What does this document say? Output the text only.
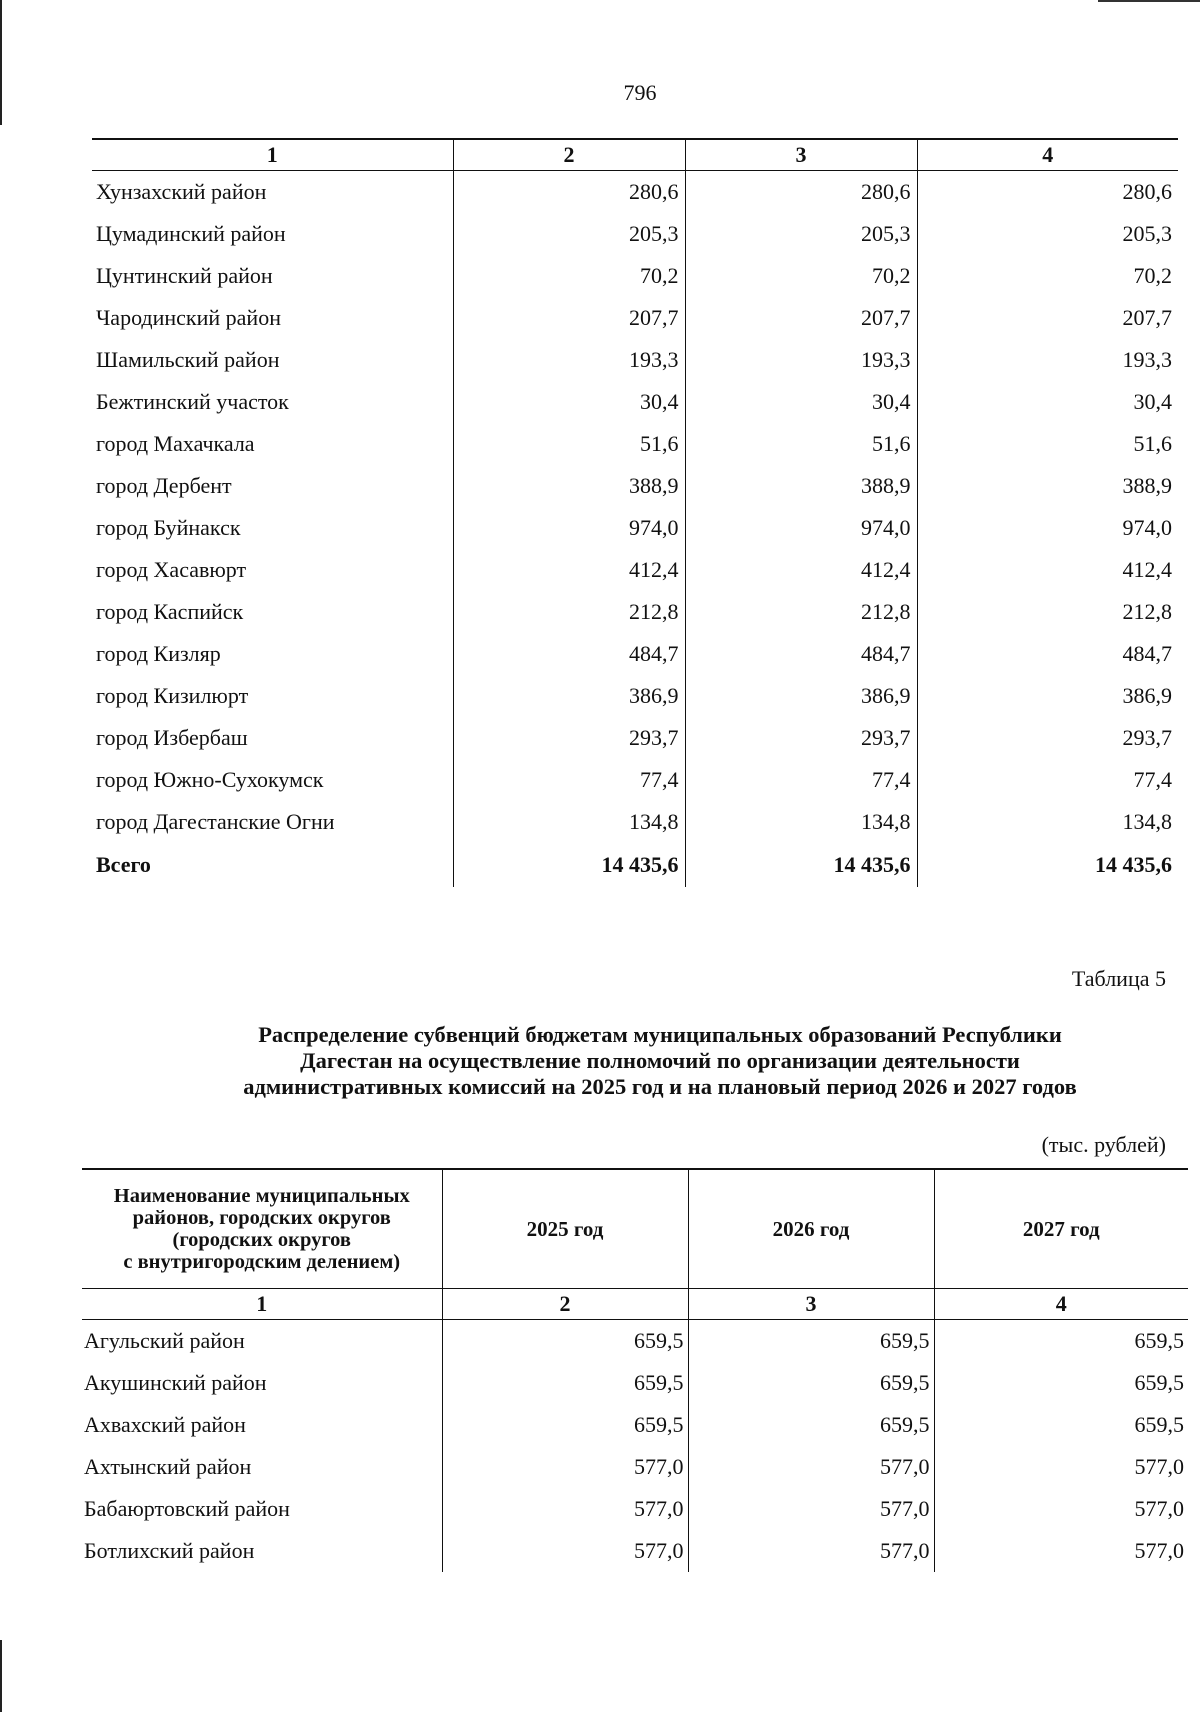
796
1	2	3	4
Хунзахский район	280,6	280,6	280,6
Цумадинский район	205,3	205,3	205,3
Цунтинский район	70,2	70,2	70,2
Чародинский район	207,7	207,7	207,7
Шамильский район	193,3	193,3	193,3
Бежтинский участок	30,4	30,4	30,4
город Махачкала	51,6	51,6	51,6
город Дербент	388,9	388,9	388,9
город Буйнакск	974,0	974,0	974,0
город Хасавюрт	412,4	412,4	412,4
город Каспийск	212,8	212,8	212,8
город Кизляр	484,7	484,7	484,7
город Кизилюрт	386,9	386,9	386,9
город Избербаш	293,7	293,7	293,7
город Южно-Сухокумск	77,4	77,4	77,4
город Дагестанские Огни	134,8	134,8	134,8
Всего	14 435,6	14 435,6	14 435,6
Таблица 5
Распределение субвенций бюджетам муниципальных образований Республики
Дагестан на осуществление полномочий по организации деятельности
административных комиссий на 2025 год и на плановый период 2026 и 2027 годов
(тыс. рублей)
Наименование муниципальных
районов, городских округов
(городских округов
с внутригородским делением)	2025 год	2026 год	2027 год
1	2	3	4
Агульский район	659,5	659,5	659,5
Акушинский район	659,5	659,5	659,5
Ахвахский район	659,5	659,5	659,5
Ахтынский район	577,0	577,0	577,0
Бабаюртовский район	577,0	577,0	577,0
Ботлихский район	577,0	577,0	577,0
